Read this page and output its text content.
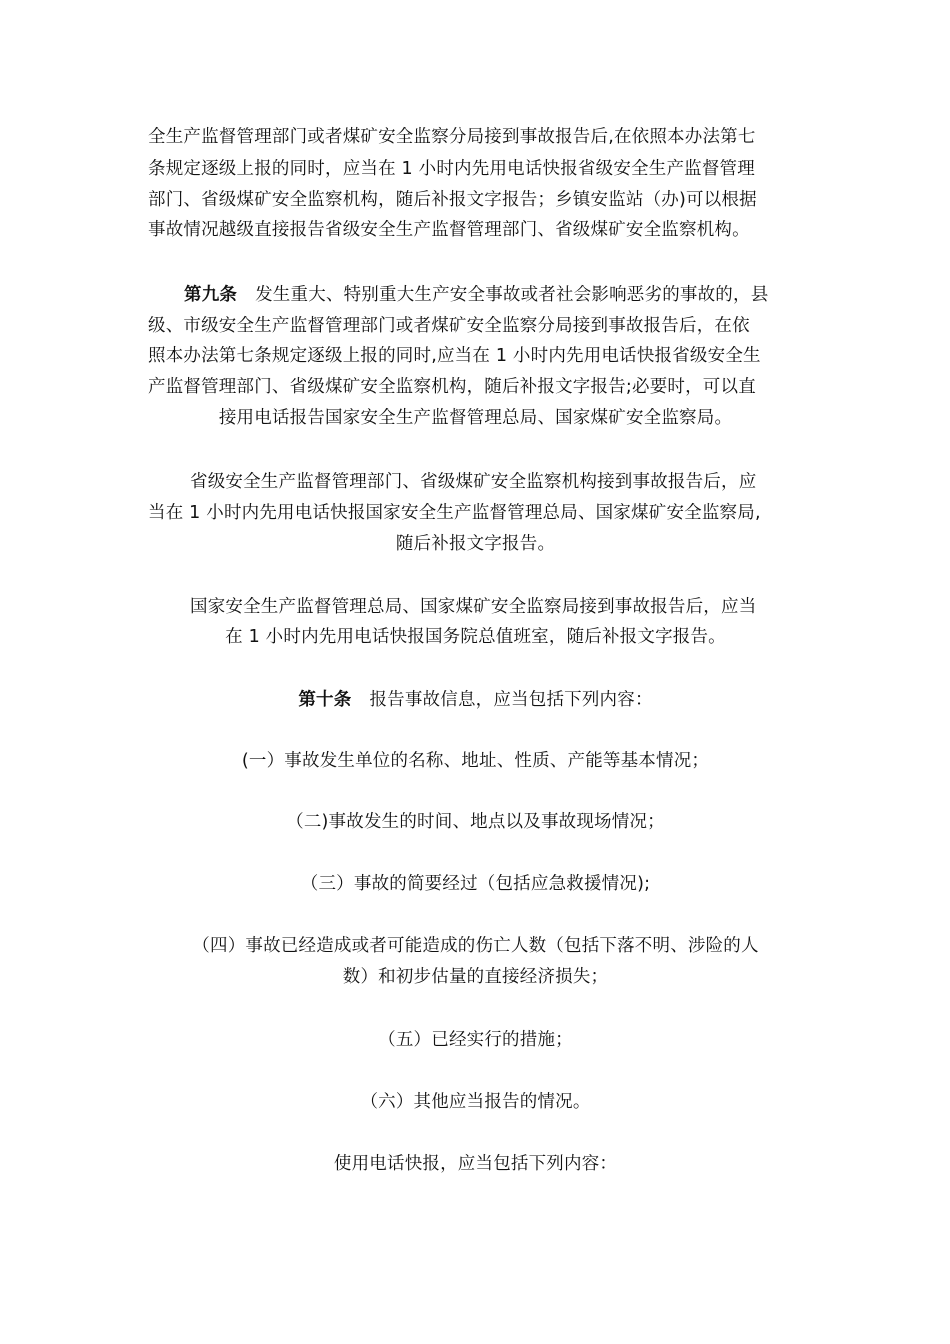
全生产监督管理部门或者煤矿安全监察分局接到事故报告后,在依照本办法第七
条规定逐级上报的同时，应当在 1 小时内先用电话快报省级安全生产监督管理
部门、省级煤矿安全监察机构，随后补报文字报告；乡镇安监站（办)可以根据
事故情况越级直接报告省级安全生产监督管理部门、省级煤矿安全监察机构。
第九条 发生重大、特别重大生产安全事故或者社会影响恶劣的事故的，县
级、市级安全生产监督管理部门或者煤矿安全监察分局接到事故报告后，在依
照本办法第七条规定逐级上报的同时,应当在 1 小时内先用电话快报省级安全生
产监督管理部门、省级煤矿安全监察机构，随后补报文字报告;必要时，可以直
接用电话报告国家安全生产监督管理总局、国家煤矿安全监察局。
省级安全生产监督管理部门、省级煤矿安全监察机构接到事故报告后，应
当在 1 小时内先用电话快报国家安全生产监督管理总局、国家煤矿安全监察局,
随后补报文字报告。
国家安全生产监督管理总局、国家煤矿安全监察局接到事故报告后，应当
在 1 小时内先用电话快报国务院总值班室，随后补报文字报告。
第十条 报告事故信息，应当包括下列内容：
(一）事故发生单位的名称、地址、性质、产能等基本情况；
（二)事故发生的时间、地点以及事故现场情况；
（三）事故的简要经过（包括应急救援情况);
（四）事故已经造成或者可能造成的伤亡人数（包括下落不明、涉险的人
数）和初步估量的直接经济损失；
（五）已经实行的措施；
（六）其他应当报告的情况。
使用电话快报，应当包括下列内容：
